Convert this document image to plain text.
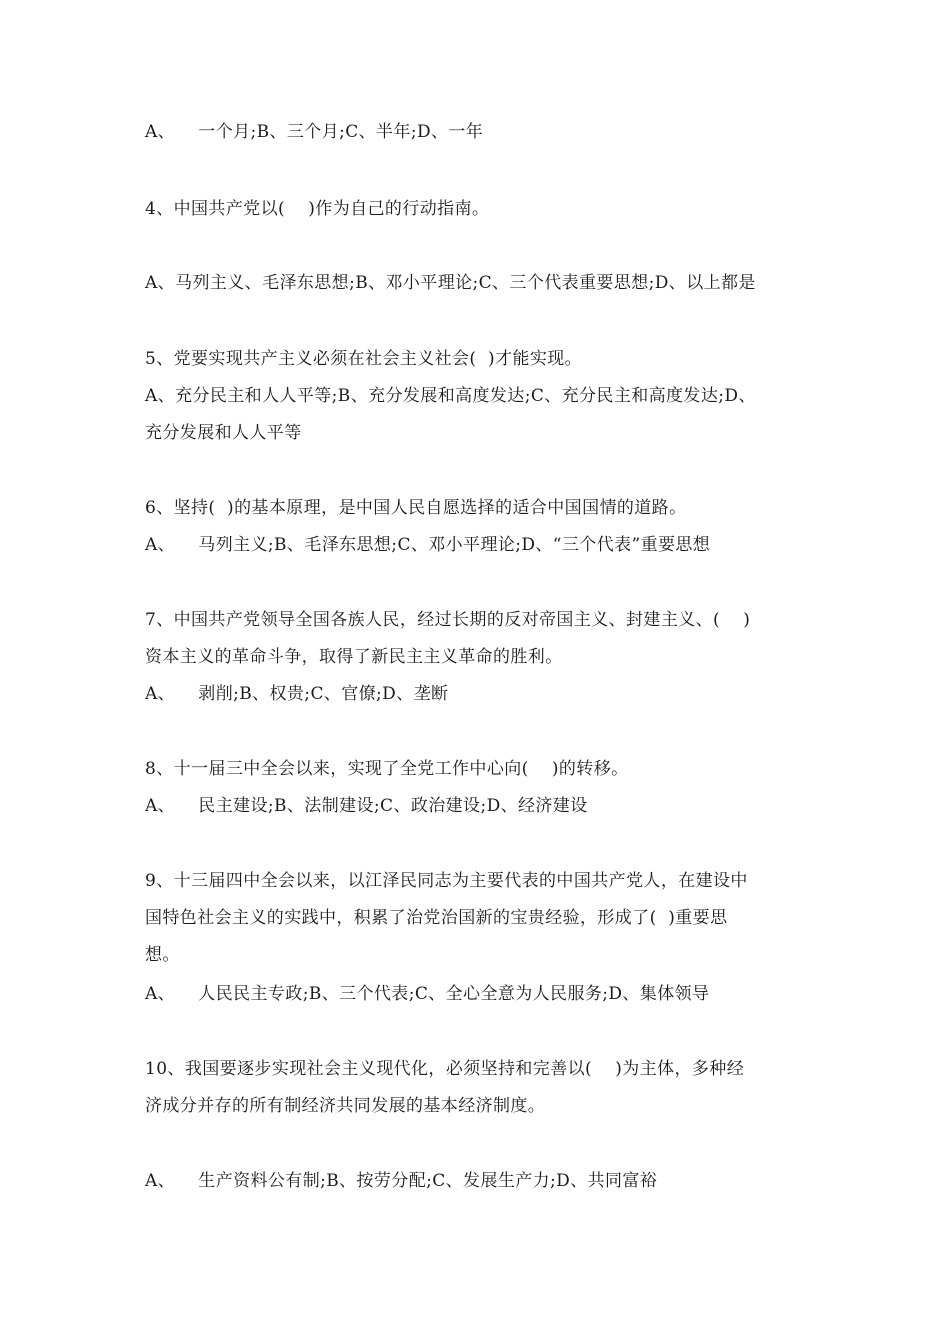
A、    一个月;B、三个月;C、半年;D、一年
4、中国共产党以(    )作为自己的行动指南。
A、马列主义、毛泽东思想;B、邓小平理论;C、三个代表重要思想;D、以上都是
5、党要实现共产主义必须在社会主义社会(  )才能实现。
A、充分民主和人人平等;B、充分发展和高度发达;C、充分民主和高度发达;D、
充分发展和人人平等
6、坚持(  )的基本原理，是中国人民自愿选择的适合中国国情的道路。
A、    马列主义;B、毛泽东思想;C、邓小平理论;D、“三个代表”重要思想
7、中国共产党领导全国各族人民，经过长期的反对帝国主义、封建主义、(    )
资本主义的革命斗争，取得了新民主主义革命的胜利。
A、    剥削;B、权贵;C、官僚;D、垄断
8、十一届三中全会以来，实现了全党工作中心向(    )的转移。
A、    民主建设;B、法制建设;C、政治建设;D、经济建设
9、十三届四中全会以来，以江泽民同志为主要代表的中国共产党人，在建设中
国特色社会主义的实践中，积累了治党治国新的宝贵经验，形成了(  )重要思
想。
A、    人民民主专政;B、三个代表;C、全心全意为人民服务;D、集体领导
10、我国要逐步实现社会主义现代化，必须坚持和完善以(    )为主体，多种经
济成分并存的所有制经济共同发展的基本经济制度。
A、    生产资料公有制;B、按劳分配;C、发展生产力;D、共同富裕
